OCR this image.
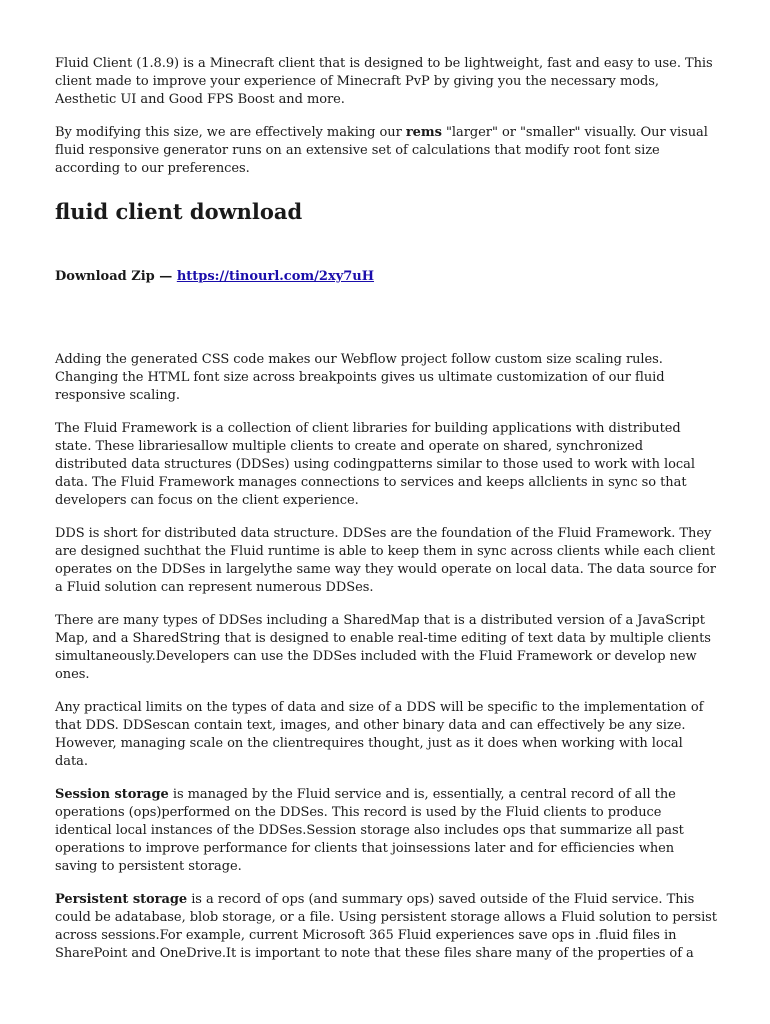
Fluid Client (1.8.9) is a Minecraft client that is designed to be lightweight, fast and easy to use. This client made to improve your experience of Minecraft PvP by giving you the necessary mods, Aesthetic UI and Good FPS Boost and more.

By modifying this size, we are effectively making our rems "larger" or "smaller" visually. Our visual fluid responsive generator runs on an extensive set of calculations that modify root font size according to our preferences.

fluid client download
Download Zip — https://tinourl.com/2xy7uH

Adding the generated CSS code makes our Webflow project follow custom size scaling rules. Changing the HTML font size across breakpoints gives us ultimate customization of our fluid responsive scaling.

The Fluid Framework is a collection of client libraries for building applications with distributed state. These librariesallow multiple clients to create and operate on shared, synchronized distributed data structures (DDSes) using codingpatterns similar to those used to work with local data. The Fluid Framework manages connections to services and keeps allclients in sync so that developers can focus on the client experience.

DDS is short for distributed data structure. DDSes are the foundation of the Fluid Framework. They are designed suchthat the Fluid runtime is able to keep them in sync across clients while each client operates on the DDSes in largelythe same way they would operate on local data. The data source for a Fluid solution can represent numerous DDSes.

There are many types of DDSes including a SharedMap that is a distributed version of a JavaScript Map, and a SharedString that is designed to enable real-time editing of text data by multiple clients simultaneously.Developers can use the DDSes included with the Fluid Framework or develop new ones.

Any practical limits on the types of data and size of a DDS will be specific to the implementation of that DDS. DDSescan contain text, images, and other binary data and can effectively be any size. However, managing scale on the clientrequires thought, just as it does when working with local data.

Session storage is managed by the Fluid service and is, essentially, a central record of all the operations (ops)performed on the DDSes. This record is used by the Fluid clients to produce identical local instances of the DDSes.Session storage also includes ops that summarize all past operations to improve performance for clients that joinsessions later and for efficiencies when saving to persistent storage.

Persistent storage is a record of ops (and summary ops) saved outside of the Fluid service. This could be adatabase, blob storage, or a file. Using persistent storage allows a Fluid solution to persist across sessions.For example, current Microsoft 365 Fluid experiences save ops in .fluid files in SharePoint and OneDrive.It is important to note that these files share many of the properties of a
